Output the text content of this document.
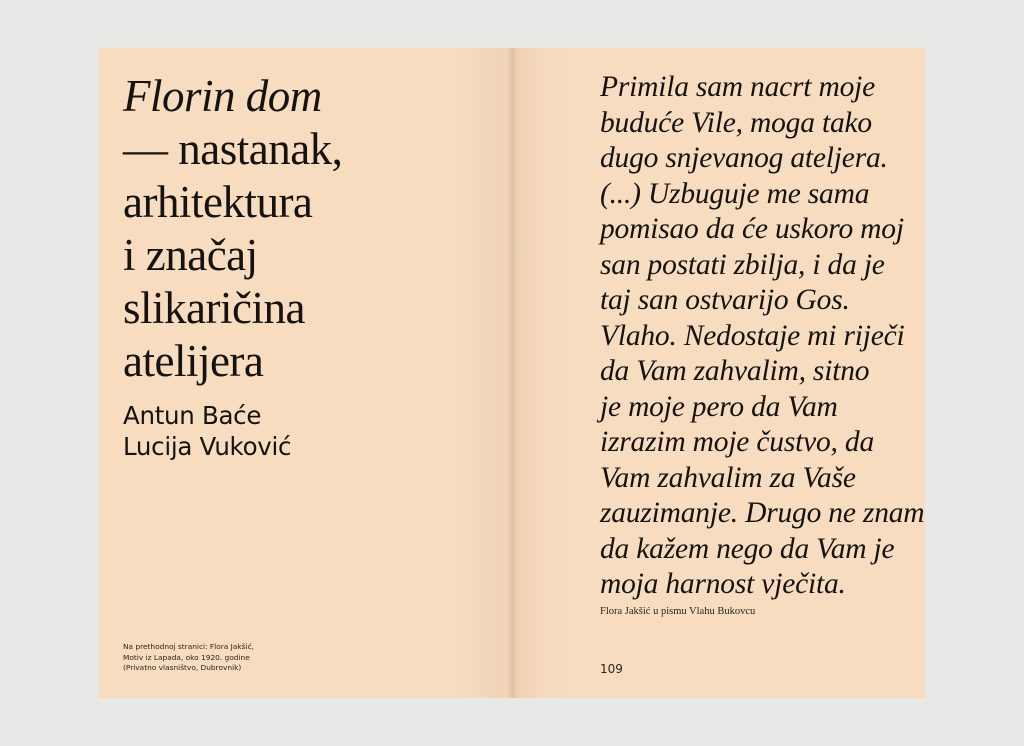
Florin dom
— nastanak,
arhitektura
i značaj
slikaričina
atelijera
Antun Baće
Lucija Vuković
Na prethodnoj stranici: Flora Jakšić,
Motiv iz Lapada, oko 1920. godine
(Privatno vlasništvo, Dubrovnik)
Primila sam nacrt moje
buduće Vile, moga tako
dugo snjevanog ateljera.
(...) Uzbuguje me sama
pomisao da će uskoro moj
san postati zbilja, i da je
taj san ostvarijo Gos.
Vlaho. Nedostaje mi riječi
da Vam zahvalim, sitno
je moje pero da Vam
izrazim moje čustvo, da
Vam zahvalim za Vaše
zauzimanje. Drugo ne znam
da kažem nego da Vam je
moja harnost vječita.
Flora Jakšić u pismu Vlahu Bukovcu
109
